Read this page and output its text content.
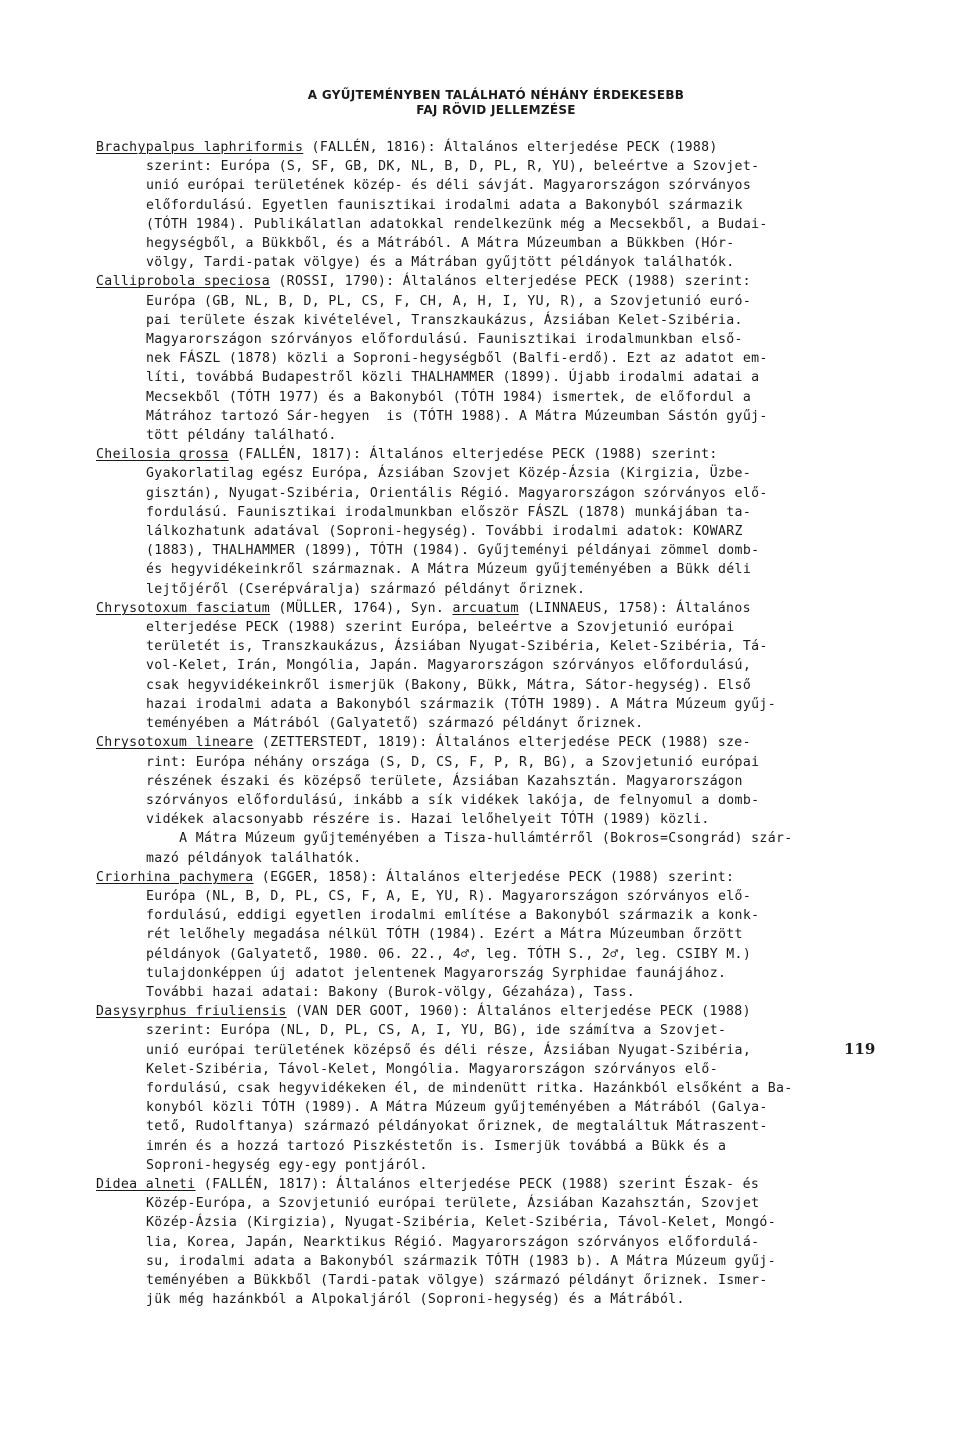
A GYŰJTEMÉNYBEN TALÁLHATÓ NÉHÁNY ÉRDEKESEBB
FAJ RÖVID JELLEMZÉSE
Brachypalpus laphriformis (FALLÉN, 1816): Általános elterjedése PECK (1988)
szerint: Európa (S, SF, GB, DK, NL, B, D, PL, R, YU), beleértve a Szovjet-
unió európai területének közép- és déli sávját. Magyarországon szórványos
előfordulású. Egyetlen faunisztikai irodalmi adata a Bakonyból származik
(TÓTH 1984). Publikálatlan adatokkal rendelkezünk még a Mecsekből, a Budai-
hegységből, a Bükkből, és a Mátrából. A Mátra Múzeumban a Bükkben (Hór-
völgy, Tardi-patak völgye) és a Mátrában gyűjtött példányok találhatók.
Calliprobola speciosa (ROSSI, 1790): Általános elterjedése PECK (1988) szerint:
Európa (GB, NL, B, D, PL, CS, F, CH, A, H, I, YU, R), a Szovjetunió euró-
pai területe észak kivételével, Transzkaukázus, Ázsiában Kelet-Szibéria.
Magyarországon szórványos előfordulású. Faunisztikai irodalmunkban első-
nek FÁSZL (1878) közli a Soproni-hegységből (Balfi-erdő). Ezt az adatot em-
líti, továbbá Budapestről közli THALHAMMER (1899). Újabb irodalmi adatai a
Mecsekből (TÓTH 1977) és a Bakonyból (TÓTH 1984) ismertek, de előfordul a
Mátrához tartozó Sár-hegyen  is (TÓTH 1988). A Mátra Múzeumban Sástón gyűj-
tött példány található.
Cheilosia grossa (FALLÉN, 1817): Általános elterjedése PECK (1988) szerint:
Gyakorlatilag egész Európa, Ázsiában Szovjet Közép-Ázsia (Kirgizia, Üzbe-
gisztán), Nyugat-Szibéria, Orientális Régió. Magyarországon szórványos elő-
fordulású. Faunisztikai irodalmunkban először FÁSZL (1878) munkájában ta-
lálkozhatunk adatával (Soproni-hegység). További irodalmi adatok: KOWARZ
(1883), THALHAMMER (1899), TÓTH (1984). Gyűjteményi példányai zömmel domb-
és hegyvidékeinkről származnak. A Mátra Múzeum gyűjteményében a Bükk déli
lejtőjéről (Cserépváralja) származó példányt őriznek.
Chrysotoxum fasciatum (MÜLLER, 1764), Syn. arcuatum (LINNAEUS, 1758): Általános
elterjedése PECK (1988) szerint Európa, beleértve a Szovjetunió európai
területét is, Transzkaukázus, Ázsiában Nyugat-Szibéria, Kelet-Szibéria, Tá-
vol-Kelet, Irán, Mongólia, Japán. Magyarországon szórványos előfordulású,
csak hegyvidékeinkről ismerjük (Bakony, Bükk, Mátra, Sátor-hegység). Első
hazai irodalmi adata a Bakonyból származik (TÓTH 1989). A Mátra Múzeum gyűj-
teményében a Mátrából (Galyatető) származó példányt őriznek.
Chrysotoxum lineare (ZETTERSTEDT, 1819): Általános elterjedése PECK (1988) sze-
rint: Európa néhány országa (S, D, CS, F, P, R, BG), a Szovjetunió európai
részének északi és középső területe, Ázsiában Kazahsztán. Magyarországon
szórványos előfordulású, inkább a sík vidékek lakója, de felnyomul a domb-
vidékek alacsonyabb részére is. Hazai lelőhelyeit TÓTH (1989) közli.
A Mátra Múzeum gyűjteményében a Tisza-hullámtérről (Bokros=Csongrád) szár-
mazó példányok találhatók.
Criorhina pachymera (EGGER, 1858): Általános elterjedése PECK (1988) szerint:
Európa (NL, B, D, PL, CS, F, A, E, YU, R). Magyarországon szórványos elő-
fordulású, eddigi egyetlen irodalmi említése a Bakonyból származik a konk-
rét lelőhely megadása nélkül TÓTH (1984). Ezért a Mátra Múzeumban őrzött
példányok (Galyatető, 1980. 06. 22., 4♂, leg. TÓTH S., 2♂, leg. CSIBY M.)
tulajdonképpen új adatot jelentenek Magyarország Syrphidae faunájához.
További hazai adatai: Bakony (Burok-völgy, Gézaháza), Tass.
Dasysyrphus friuliensis (VAN DER GOOT, 1960): Általános elterjedése PECK (1988)
szerint: Európa (NL, D, PL, CS, A, I, YU, BG), ide számítva a Szovjet-
unió európai területének középső és déli része, Ázsiában Nyugat-Szibéria,
Kelet-Szibéria, Távol-Kelet, Mongólia. Magyarországon szórványos elő-
fordulású, csak hegyvidékeken él, de mindenütt ritka. Hazánkból elsőként a Ba-
konyból közli TÓTH (1989). A Mátra Múzeum gyűjteményében a Mátrából (Galya-
tető, Rudolftanya) származó példányokat őriznek, de megtaláltuk Mátraszent-
imrén és a hozzá tartozó Piszkéstetőn is. Ismerjük továbbá a Bükk és a
Soproni-hegység egy-egy pontjáról.
Didea alneti (FALLÉN, 1817): Általános elterjedése PECK (1988) szerint Észak- és
Közép-Európa, a Szovjetunió európai területe, Ázsiában Kazahsztán, Szovjet
Közép-Ázsia (Kirgizia), Nyugat-Szibéria, Kelet-Szibéria, Távol-Kelet, Mongó-
lia, Korea, Japán, Nearktikus Régió. Magyarországon szórványos előfordulá-
su, irodalmi adata a Bakonyból származik TÓTH (1983 b). A Mátra Múzeum gyűj-
teményében a Bükkből (Tardi-patak völgye) származó példányt őriznek. Ismer-
jük még hazánkból a Alpokaljáról (Soproni-hegység) és a Mátrából.
119
